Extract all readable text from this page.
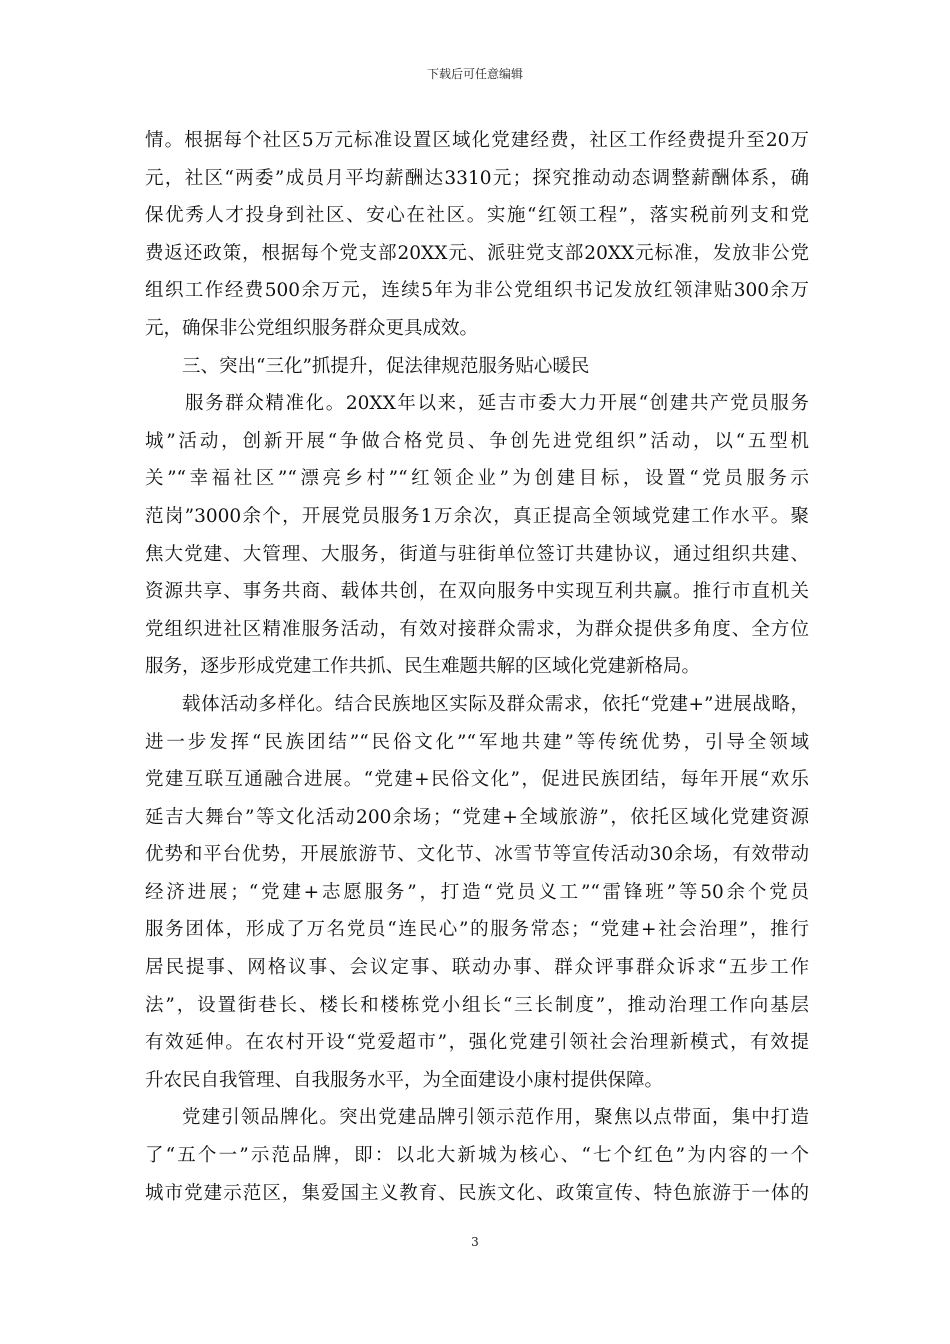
下载后可任意编辑
情。根据每个社区5万元标准设置区域化党建经费，社区工作经费提升至20万
元，社区“两委”成员月平均薪酬达3310元；探究推动动态调整薪酬体系，确
保优秀人才投身到社区、安心在社区。实施“红领工程”，落实税前列支和党
费返还政策，根据每个党支部20XX元、派驻党支部20XX元标准，发放非公党
组织工作经费500余万元，连续5年为非公党组织书记发放红领津贴300余万
元，确保非公党组织服务群众更具成效。
三、突出“三化”抓提升，促法律规范服务贴心暖民
服务群众精准化。20XX年以来，延吉市委大力开展“创建共产党员服务
城”活动，创新开展“争做合格党员、争创先进党组织”活动，以“五型机
关”“幸福社区”“漂亮乡村”“红领企业”为创建目标，设置“党员服务示
范岗”3000余个，开展党员服务1万余次，真正提高全领域党建工作水平。聚
焦大党建、大管理、大服务，街道与驻街单位签订共建协议，通过组织共建、
资源共享、事务共商、载体共创，在双向服务中实现互利共赢。推行市直机关
党组织进社区精准服务活动，有效对接群众需求，为群众提供多角度、全方位
服务，逐步形成党建工作共抓、民生难题共解的区域化党建新格局。
载体活动多样化。结合民族地区实际及群众需求，依托“党建+”进展战略，
进一步发挥“民族团结”“民俗文化”“军地共建”等传统优势，引导全领域
党建互联互通融合进展。“党建+民俗文化”，促进民族团结，每年开展“欢乐
延吉大舞台”等文化活动200余场；“党建+全域旅游”，依托区域化党建资源
优势和平台优势，开展旅游节、文化节、冰雪节等宣传活动30余场，有效带动
经济进展；“党建+志愿服务”，打造“党员义工”“雷锋班”等50余个党员
服务团体，形成了万名党员“连民心”的服务常态；“党建+社会治理”，推行
居民提事、网格议事、会议定事、联动办事、群众评事群众诉求“五步工作
法”，设置街巷长、楼长和楼栋党小组长“三长制度”，推动治理工作向基层
有效延伸。在农村开设“党爱超市”，强化党建引领社会治理新模式，有效提
升农民自我管理、自我服务水平，为全面建设小康村提供保障。
党建引领品牌化。突出党建品牌引领示范作用，聚焦以点带面，集中打造
了“五个一”示范品牌，即：以北大新城为核心、“七个红色”为内容的一个
城市党建示范区，集爱国主义教育、民族文化、政策宣传、特色旅游于一体的
3
